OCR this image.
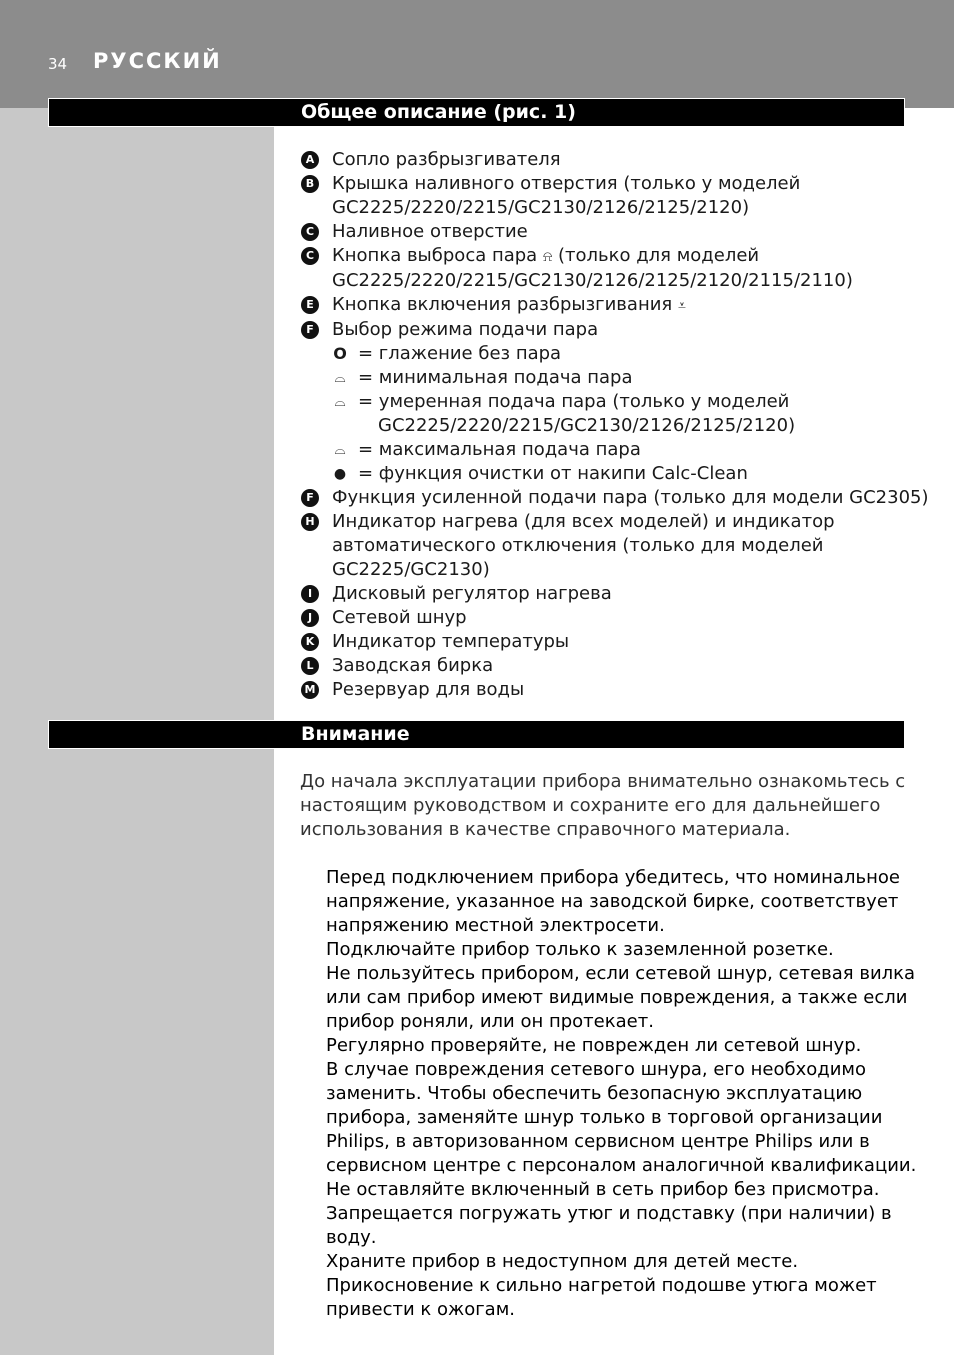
34 РУССКИЙ
Общее описание (рис. 1)
A Сопло разбрызгивателя
B Крышка наливного отверстия (только у моделей
GC2225/2220/2215/GC2130/2126/2125/2120)
C Наливное отверстие
C Кнопка выброса пара ⍾ (только для моделей
GC2225/2220/2215/GC2130/2126/2125/2120/2115/2110)
E Кнопка включения разбрызгивания ⩡
F Выбор режима подачи пара
O = глажение без пара
⌓ = минимальная подача пара
⌓ = умеренная подача пара (только у моделей
GC2225/2220/2215/GC2130/2126/2125/2120)
⌓ = максимальная подача пара
● = функция очистки от накипи Calc-Clean
F Функция усиленной подачи пара (только для модели GC2305)
H Индикатор нагрева (для всех моделей) и индикатор
автоматического отключения (только для моделей
GC2225/GC2130)
I	Дисковый регулятор нагрева
J	Сетевой шнур
K Индикатор температуры
L	Заводская бирка
M Резервуар для воды
Внимание
До начала эксплуатации прибора внимательно ознакомьтесь с
настоящим руководством и сохраните его для дальнейшего
использования в качестве справочного материала.
Перед подключением прибора убедитесь, что номинальное
напряжение, указанное на заводской бирке, соответствует
напряжению местной электросети.
Подключайте прибор только к заземленной розетке.
Не пользуйтесь прибором, если сетевой шнур, сетевая вилка
или сам прибор имеют видимые повреждения, а также если
прибор роняли, или он протекает.
Регулярно проверяйте, не поврежден ли сетевой шнур.
В случае повреждения сетевого шнура, его необходимо
заменить. Чтобы обеспечить безопасную эксплуатацию
прибора, заменяйте шнур только в торговой организации
Philips, в авторизованном сервисном центре Philips или в
сервисном центре с персоналом аналогичной квалификации.
Не оставляйте включенный в сеть прибор без присмотра.
Запрещается погружать утюг и подставку (при наличии) в
воду.
Храните прибор в недоступном для детей месте.
Прикосновение к сильно нагретой подошве утюга может
привести к ожогам.
